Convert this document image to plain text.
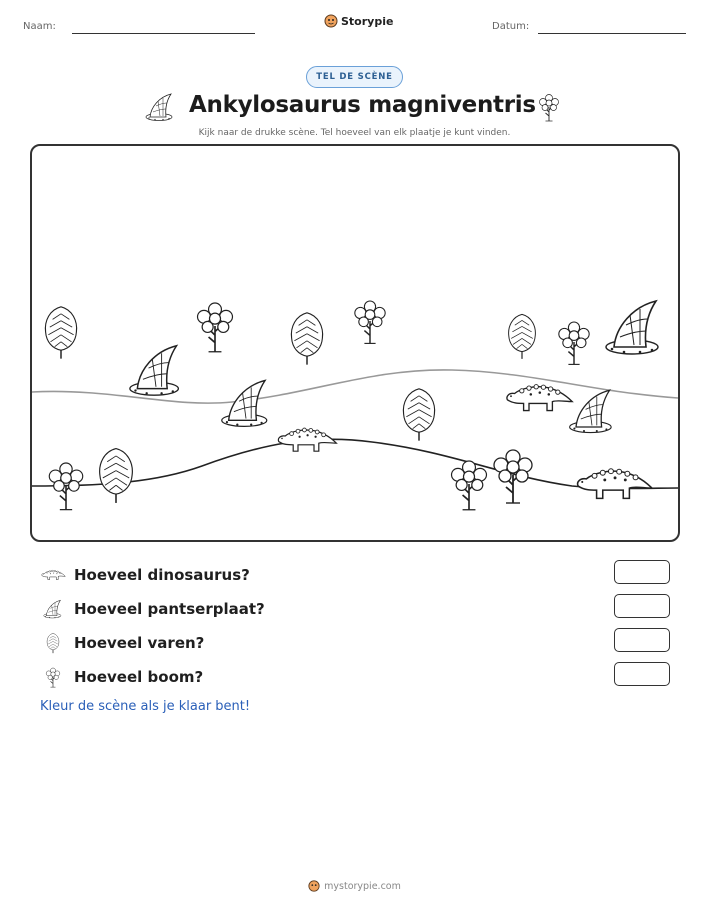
Naam:	Storypie	Datum:
TEL DE SCÈNE
Ankylosaurus magniventris
Kijk naar de drukke scène. Tel hoeveel van elk plaatje je kunt vinden.
Hoeveel dinosaurus?
Hoeveel pantserplaat?
Hoeveel varen?
Hoeveel boom?
Kleur de scène als je klaar bent!
mystorypie.com
